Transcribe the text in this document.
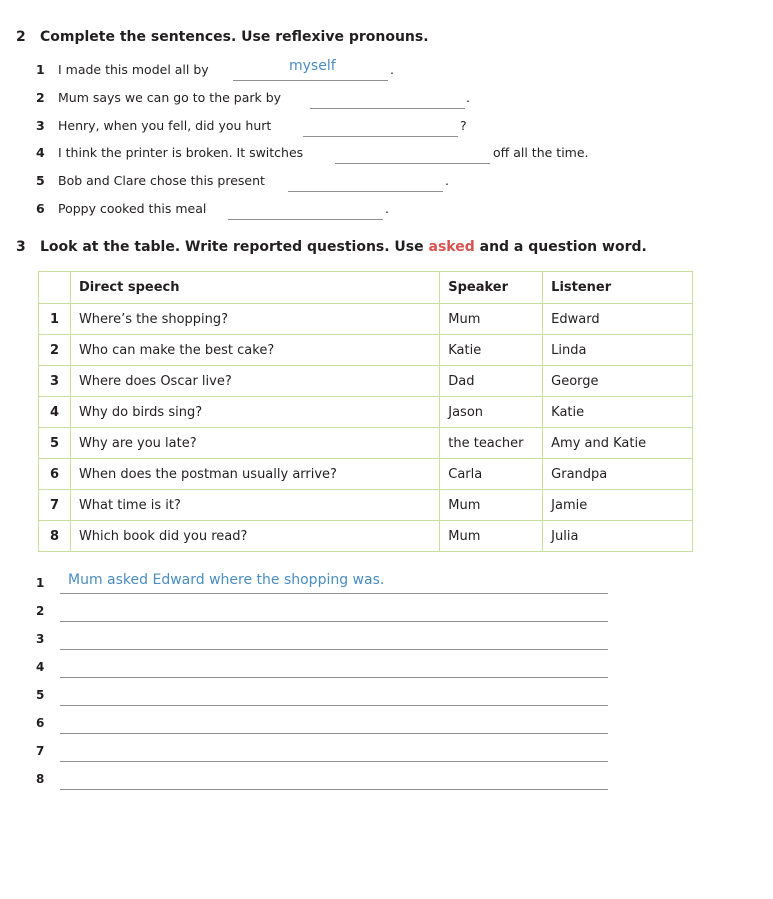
2 Complete the sentences. Use reflexive pronouns.
1 I made this model all by	myself	.
2 Mum says we can go to the park by	.
3 Henry, when you fell, did you hurt	?
4 I think the printer is broken. It switches	off all the time.
5 Bob and Clare chose this present	.
6 Poppy cooked this meal	.
3 Look at the table. Write reported questions. Use asked and a question word.
	Direct speech	Speaker	Listener
1	Where’s the shopping?	Mum	Edward
2	Who can make the best cake?	Katie	Linda
3	Where does Oscar live?	Dad	George
4	Why do birds sing?	Jason	Katie
5	Why are you late?	the teacher	Amy and Katie
6	When does the postman usually arrive?	Carla	Grandpa
7	What time is it?	Mum	Jamie
8	Which book did you read?	Mum	Julia
1 Mum asked Edward where the shopping was.
2
3
4
5
6
7
8
